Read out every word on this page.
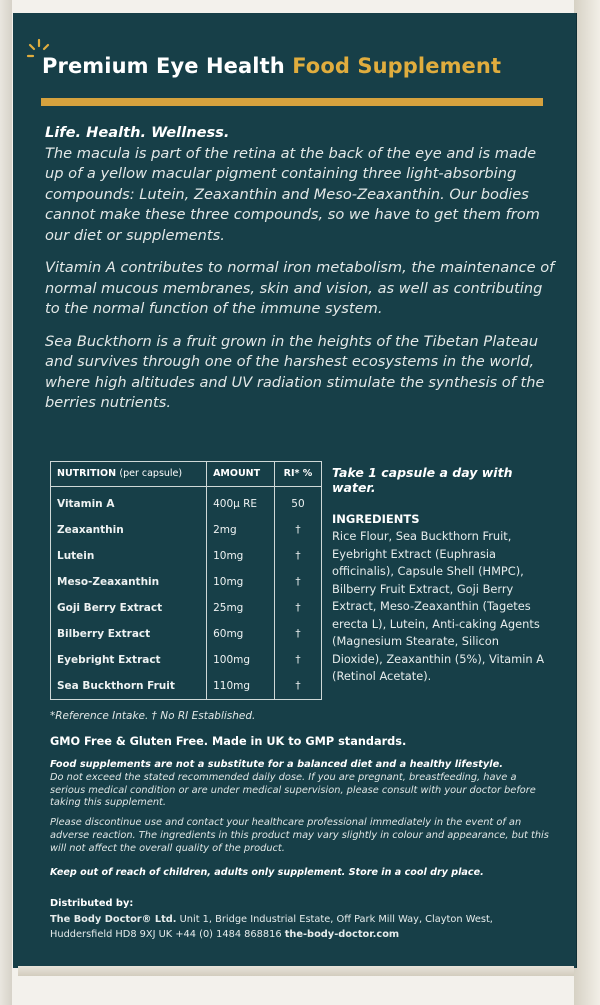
Premium Eye Health Food Supplement
Life. Health. Wellness.

The macula is part of the retina at the back of the eye and is made up of a yellow macular pigment containing three light-absorbing compounds: Lutein, Zeaxanthin and Meso-Zeaxanthin. Our bodies cannot make these three compounds, so we have to get them from our diet or supplements.

Vitamin A contributes to normal iron metabolism, the maintenance of normal mucous membranes, skin and vision, as well as contributing to the normal function of the immune system.

Sea Buckthorn is a fruit grown in the heights of the Tibetan Plateau and survives through one of the harshest ecosystems in the world, where high altitudes and UV radiation stimulate the synthesis of the berries nutrients.

NUTRITION (per capsule)	AMOUNT	RI* %
Vitamin A	400μ RE	50
Zeaxanthin	2mg	†
Lutein	10mg	†
Meso-Zeaxanthin	10mg	†
Goji Berry Extract	25mg	†
Bilberry Extract	60mg	†
Eyebright Extract	100mg	†
Sea Buckthorn Fruit	110mg	†
*Reference Intake. † No RI Established.
Take 1 capsule a day with water.
INGREDIENTS
Rice Flour, Sea Buckthorn Fruit, Eyebright Extract (Euphrasia officinalis), Capsule Shell (HMPC), Bilberry Fruit Extract, Goji Berry Extract, Meso-Zeaxanthin (Tagetes erecta L), Lutein, Anti-caking Agents (Magnesium Stearate, Silicon Dioxide), Zeaxanthin (5%), Vitamin A (Retinol Acetate).
GMO Free & Gluten Free. Made in UK to GMP standards.
Food supplements are not a substitute for a balanced diet and a healthy lifestyle.

Do not exceed the stated recommended daily dose. If you are pregnant, breastfeeding, have a serious medical condition or are under medical supervision, please consult with your doctor before taking this supplement.

Please discontinue use and contact your healthcare professional immediately in the event of an adverse reaction. The ingredients in this product may vary slightly in colour and appearance, but this will not affect the overall quality of the product.

Keep out of reach of children, adults only supplement. Store in a cool dry place.
Distributed by:
The Body Doctor® Ltd. Unit 1, Bridge Industrial Estate, Off Park Mill Way, Clayton West, Huddersfield HD8 9XJ UK +44 (0) 1484 868816 the-body-doctor.com
